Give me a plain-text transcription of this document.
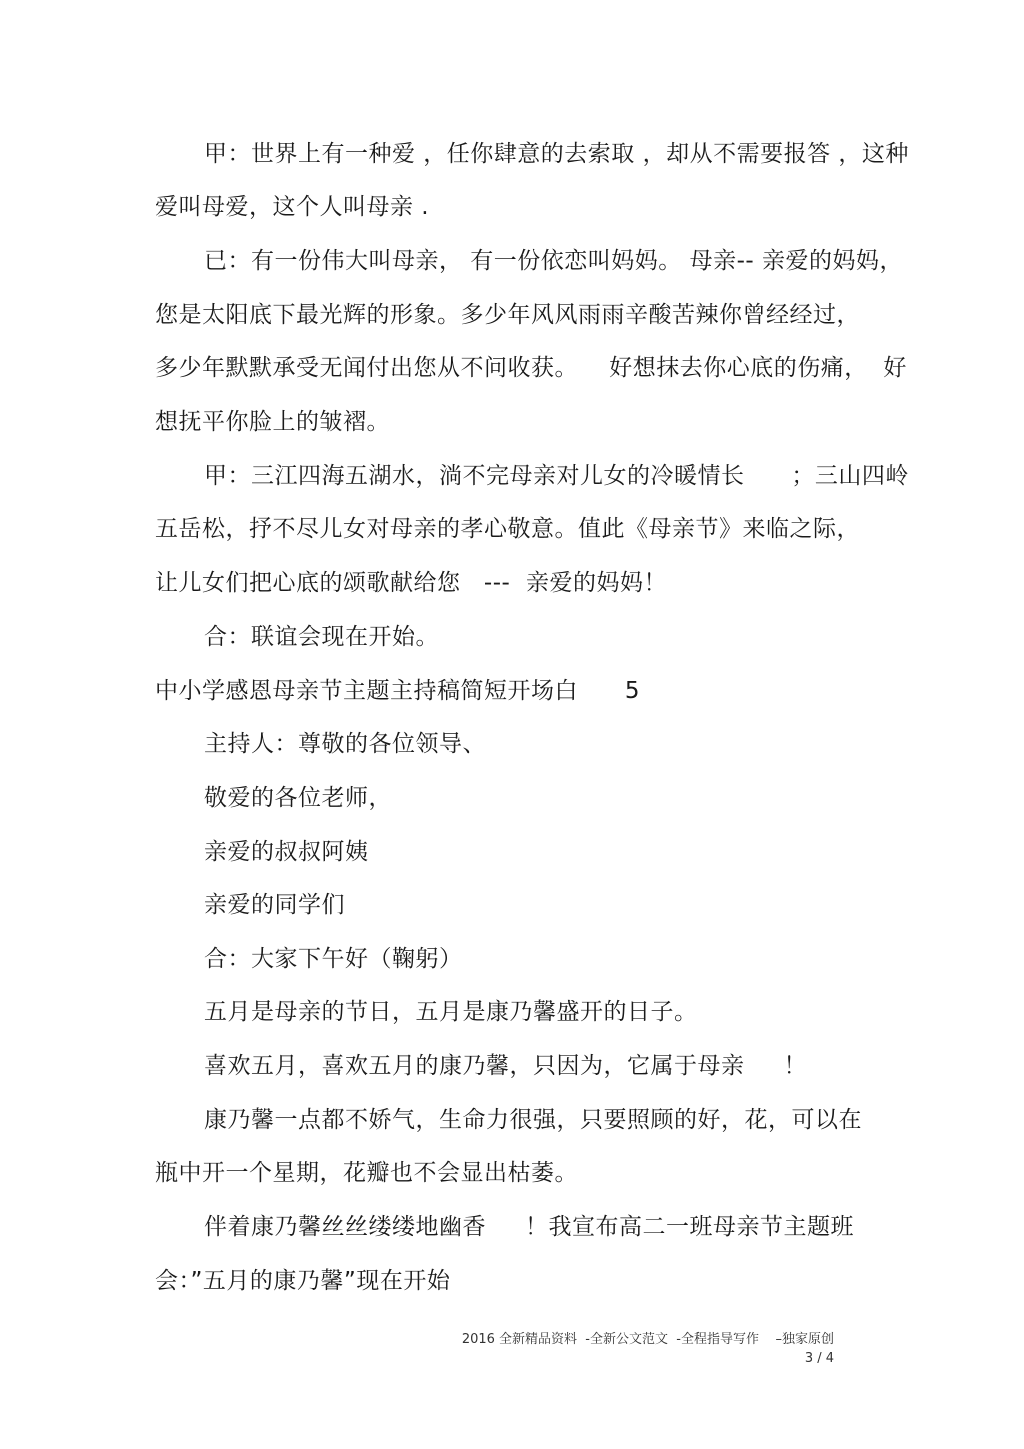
甲：世界上有一种爱 ，任你肆意的去索取 ，却从不需要报答 ，这种
爱叫母爱，这个人叫母亲 .
已：有一份伟大叫母亲， 有一份依恋叫妈妈。 母亲-- 亲爱的妈妈，
您是太阳底下最光辉的形象。多少年风风雨雨辛酸苦辣你曾经经过，
多少年默默承受无闻付出您从不问收获。    好想抹去你心底的伤痛，  好
想抚平你脸上的皱褶。
甲：三江四海五湖水，淌不完母亲对儿女的冷暖情长      ；三山四岭
五岳松，抒不尽儿女对母亲的孝心敬意。值此《母亲节》来临之际，
让儿女们把心底的颂歌献给您   ---  亲爱的妈妈！
合：联谊会现在开始。
中小学感恩母亲节主题主持稿简短开场白      5
主持人：尊敬的各位领导、
敬爱的各位老师，
亲爱的叔叔阿姨
亲爱的同学们
合：大家下午好（鞠躬）
五月是母亲的节日，五月是康乃馨盛开的日子。
喜欢五月，喜欢五月的康乃馨，只因为，它属于母亲     ！
康乃馨一点都不娇气，生命力很强，只要照顾的好，花，可以在
瓶中开一个星期，花瓣也不会显出枯萎。
伴着康乃馨丝丝缕缕地幽香     ！我宣布高二一班母亲节主题班
会：”五月的康乃馨”现在开始
2016 全新精品资料  -全新公文范文  -全程指导写作    –独家原创
3 / 4
